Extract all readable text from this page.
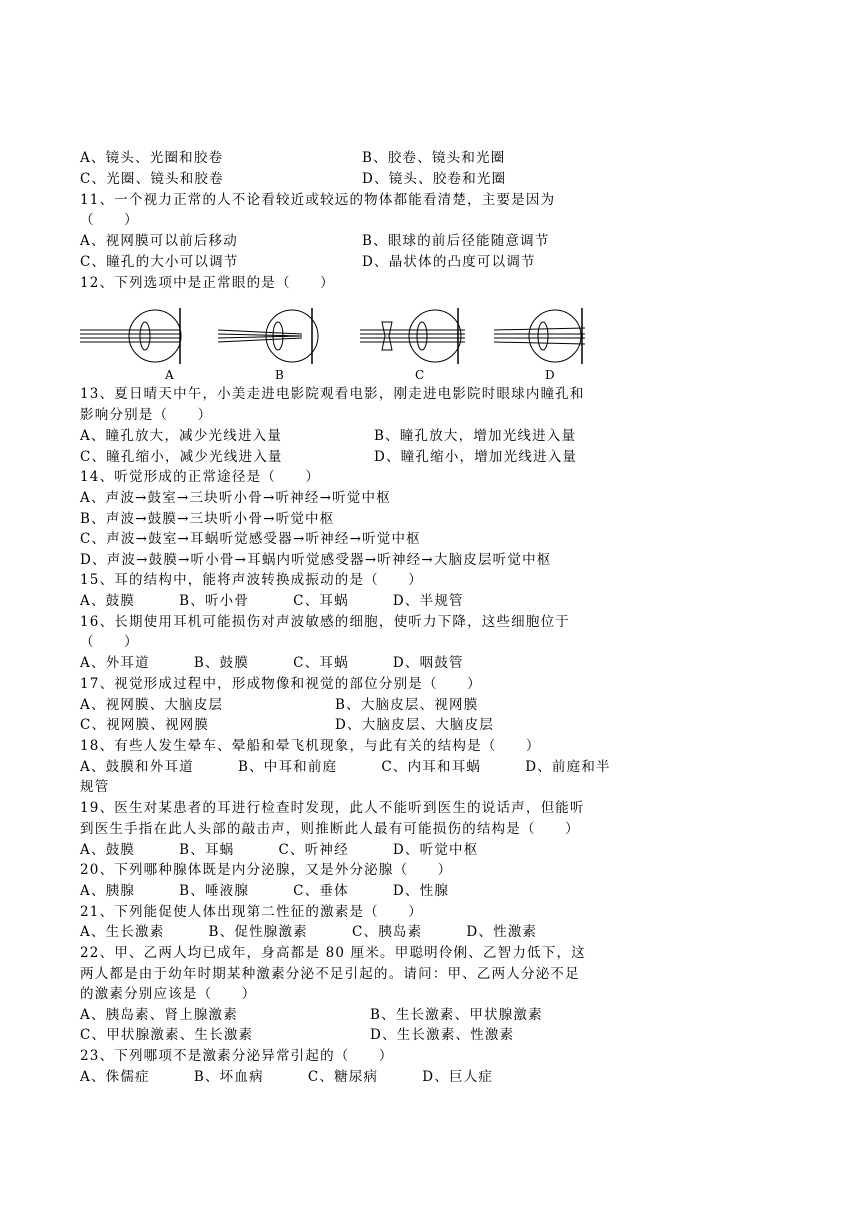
A、镜头、光圈和胶卷	B、胶卷、镜头和光圈
C、光圈、镜头和胶卷	D、镜头、胶卷和光圈
11、一个视力正常的人不论看较近或较远的物体都能看清楚，主要是因为
（　　）
A、视网膜可以前后移动	B、眼球的前后径能随意调节
C、瞳孔的大小可以调节	D、晶状体的凸度可以调节
12、下列选项中是正常眼的是（　　）
A	B	C	D
13、夏日晴天中午，小美走进电影院观看电影，刚走进电影院时眼球内瞳孔和
影响分别是（　　）
A、瞳孔放大，减少光线进入量	B、瞳孔放大，增加光线进入量
C、瞳孔缩小，减少光线进入量	D、瞳孔缩小，增加光线进入量
14、听觉形成的正常途径是（　　）
A、声波→鼓室→三块听小骨→听神经→听觉中枢
B、声波→鼓膜→三块听小骨→听觉中枢
C、声波→鼓室→耳蜗听觉感受器→听神经→听觉中枢
D、声波→鼓膜→听小骨→耳蜗内听觉感受器→听神经→大脑皮层听觉中枢
15、耳的结构中，能将声波转换成振动的是（　　）
A、鼓膜　　　B、听小骨　　　C、耳蜗　　　D、半规管
16、长期使用耳机可能损伤对声波敏感的细胞，使听力下降，这些细胞位于
（　　）
A、外耳道　　　B、鼓膜　　　C、耳蜗　　　D、咽鼓管
17、视觉形成过程中，形成物像和视觉的部位分别是（　　）
A、视网膜、大脑皮层	B、大脑皮层、视网膜
C、视网膜、视网膜	D、大脑皮层、大脑皮层
18、有些人发生晕车、晕船和晕飞机现象，与此有关的结构是（　　）
A、鼓膜和外耳道　　　B、中耳和前庭　　　C、内耳和耳蜗　　　D、前庭和半
规管
19、医生对某患者的耳进行检查时发现，此人不能听到医生的说话声，但能听
到医生手指在此人头部的敲击声，则推断此人最有可能损伤的结构是（　　）
A、鼓膜　　　B、耳蜗　　　C、听神经　　　D、听觉中枢
20、下列哪种腺体既是内分泌腺，又是外分泌腺（　　）
A、胰腺　　　B、唾液腺　　　C、垂体　　　D、性腺
21、下列能促使人体出现第二性征的激素是（　　）
A、生长激素　　　B、促性腺激素　　　C、胰岛素　　　D、性激素
22、甲、乙两人均已成年，身高都是 80 厘米。甲聪明伶俐、乙智力低下，这
两人都是由于幼年时期某种激素分泌不足引起的。请问：甲、乙两人分泌不足
的激素分别应该是（　　）
A、胰岛素、肾上腺激素	B、生长激素、甲状腺激素
C、甲状腺激素、生长激素	D、生长激素、性激素
23、下列哪项不是激素分泌异常引起的（　　）
A、侏儒症　　　B、坏血病　　　C、糖尿病　　　D、巨人症
